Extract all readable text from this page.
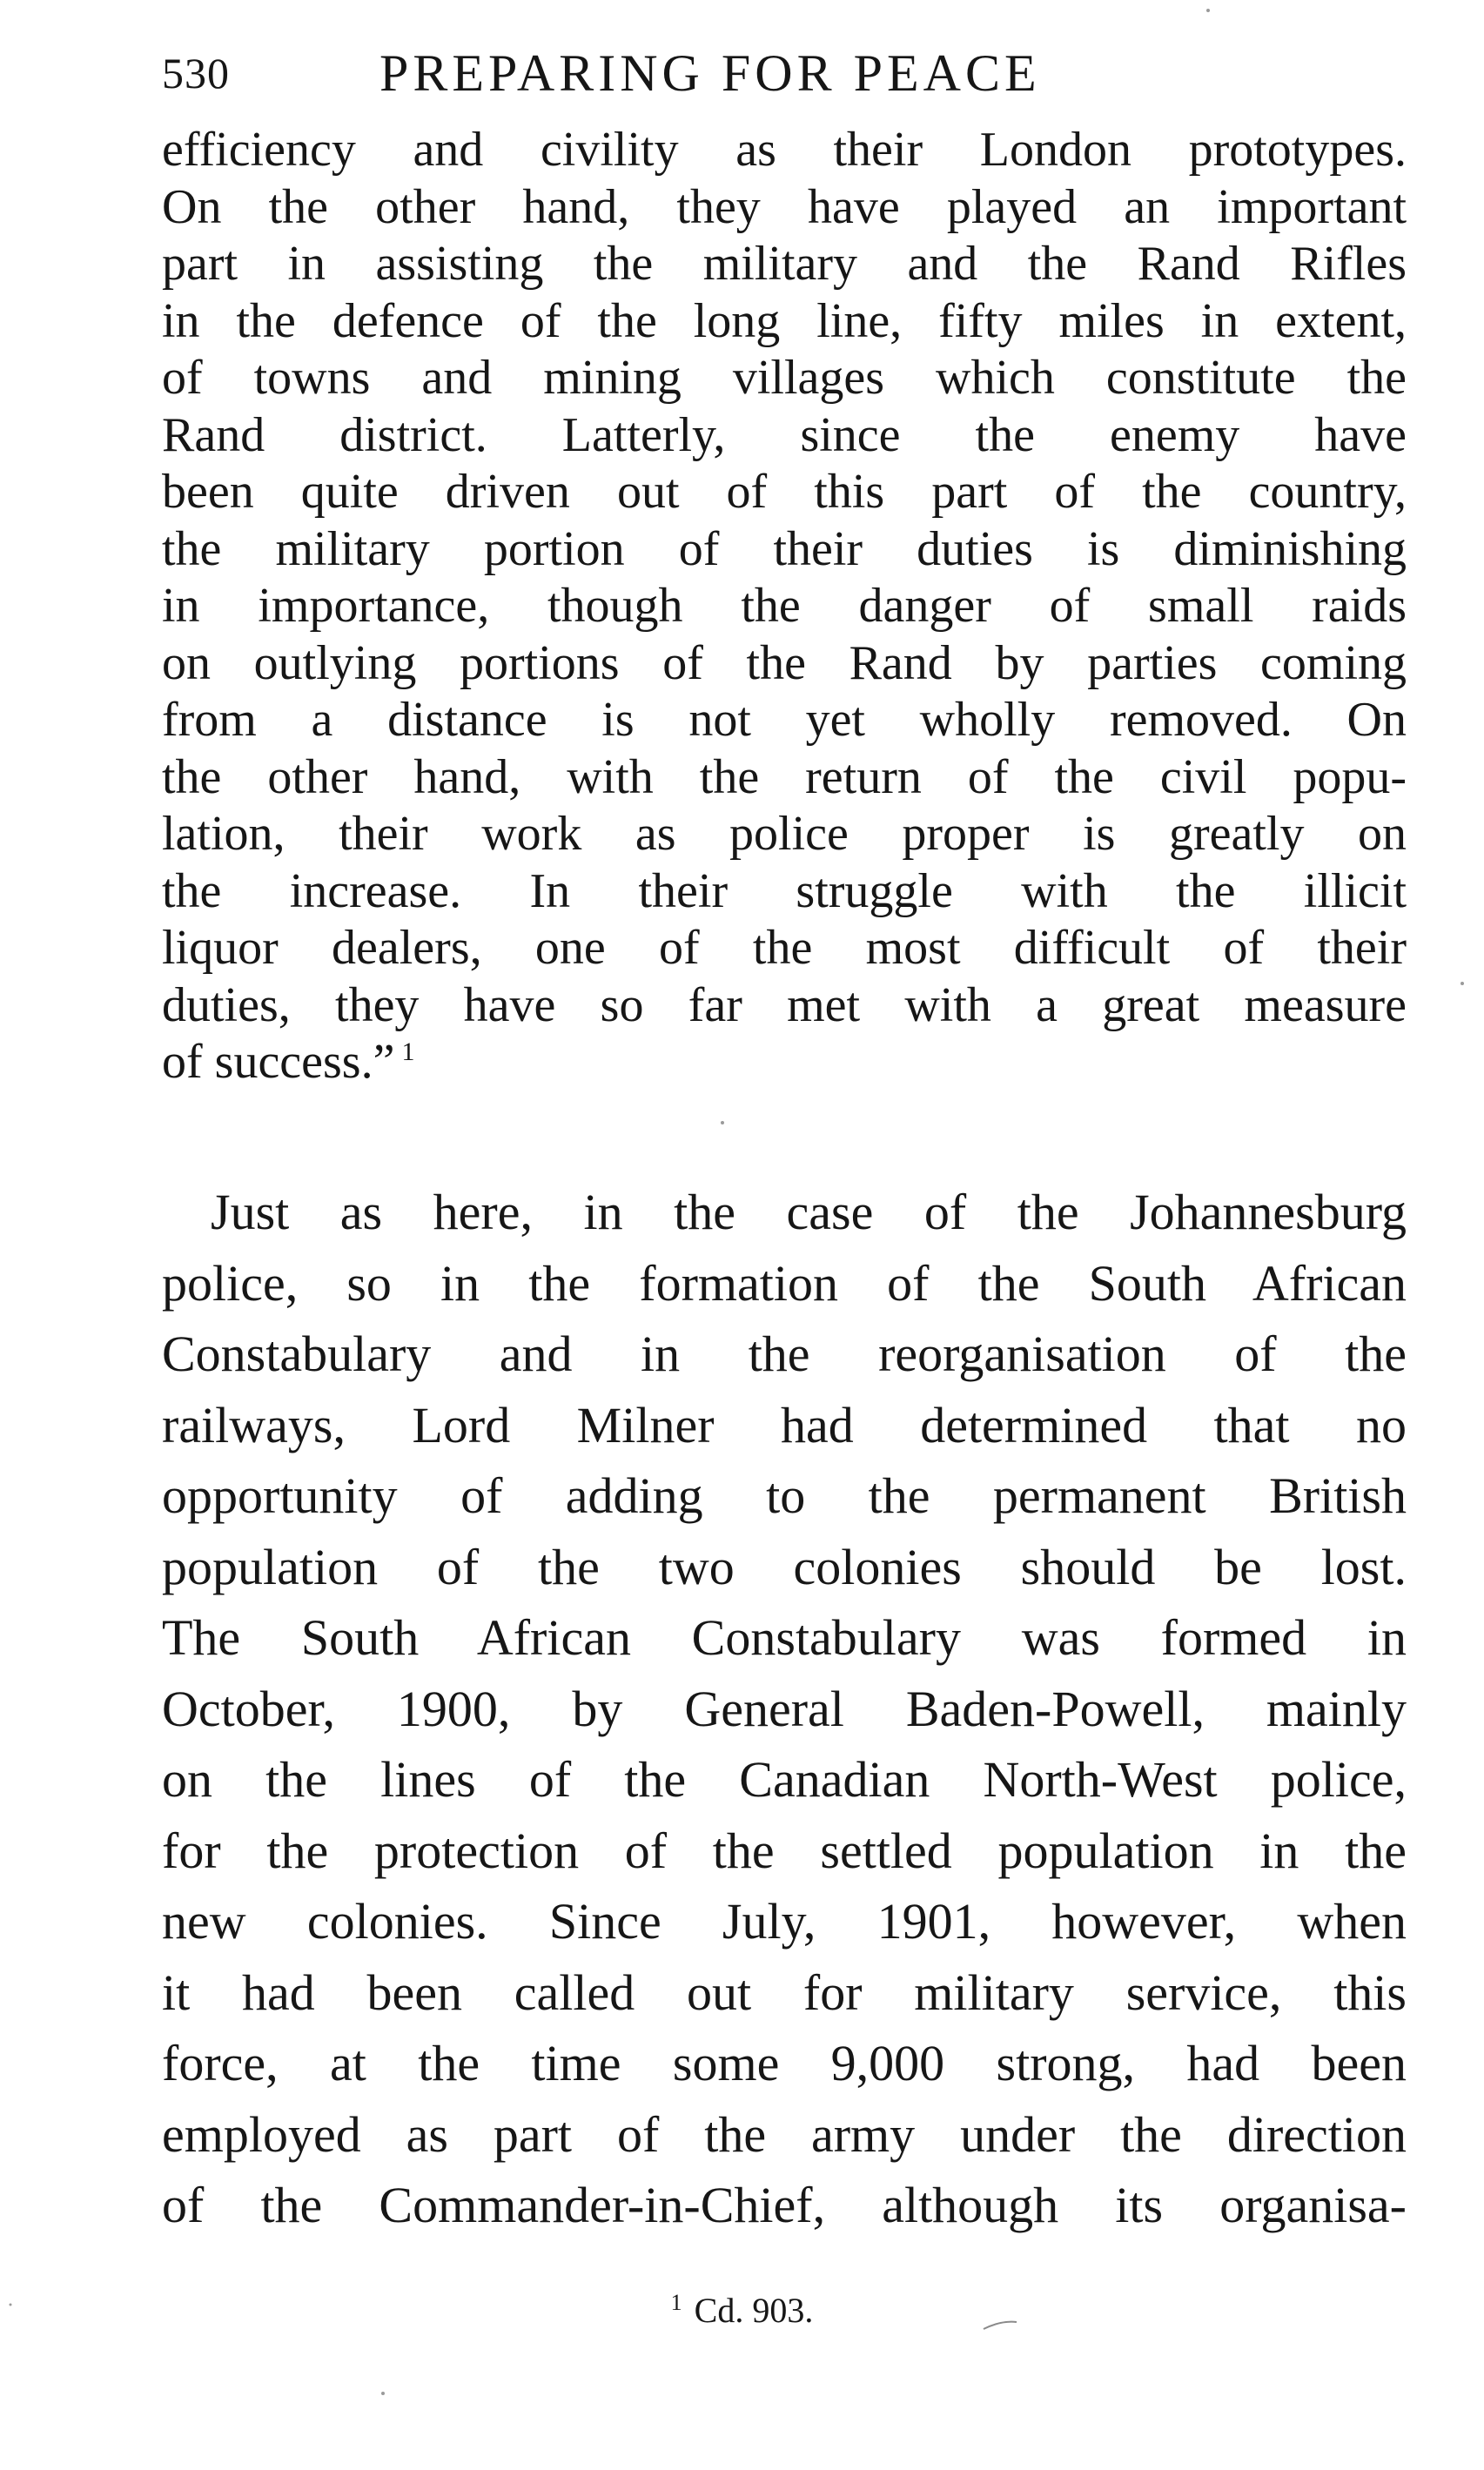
530	PREPARING FOR PEACE
efficiency and civility as their London prototypes.
On the other hand, they have played an important
part in assisting the military and the Rand Rifles
in the defence of the long line, fifty miles in extent,
of towns and mining villages which constitute the
Rand district. Latterly, since the enemy have
been quite driven out of this part of the country,
the military portion of their duties is diminishing
in importance, though the danger of small raids
on outlying portions of the Rand by parties coming
from a distance is not yet wholly removed. On
the other hand, with the return of the civil popu-
lation, their work as police proper is greatly on
the increase. In their struggle with the illicit
liquor dealers, one of the most difficult of their
duties, they have so far met with a great measure
of success.” $^1$
Just as here, in the case of the Johannesburg
police, so in the formation of the South African
Constabulary and in the reorganisation of the
railways, Lord Milner had determined that no
opportunity of adding to the permanent British
population of the two colonies should be lost.
The South African Constabulary was formed in
October, 1900, by General Baden-Powell, mainly
on the lines of the Canadian North-West police,
for the protection of the settled population in the
new colonies. Since July, 1901, however, when
it had been called out for military service, this
force, at the time some 9,000 strong, had been
employed as part of the army under the direction
of the Commander-in-Chief, although its organisa-
$^1$ Cd. 903.
